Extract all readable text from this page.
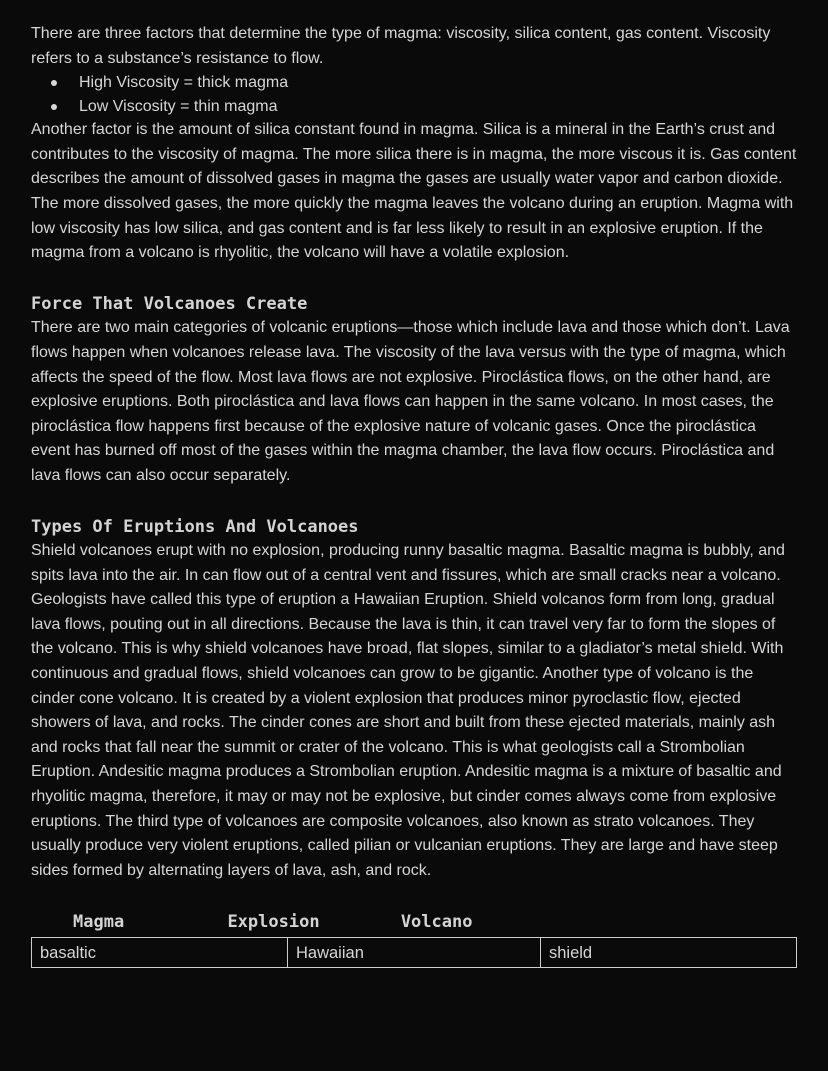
There are three factors that determine the type of magma: viscosity, silica content, gas content. Viscosity refers to a substance’s resistance to flow.

High Viscosity = thick magma
Low Viscosity = thin magma

Another factor is the amount of silica constant found in magma. Silica is a mineral in the Earth’s crust and contributes to the viscosity of magma. The more silica there is in magma, the more viscous it is. Gas content describes the amount of dissolved gases in magma the gases are usually water vapor and carbon dioxide. The more dissolved gases, the more quickly the magma leaves the volcano during an eruption. Magma with low viscosity has low silica, and gas content and is far less likely to result in an explosive eruption. If the magma from a volcano is rhyolitic, the volcano will have a volatile explosion.

Force That Volcanoes Create

There are two main categories of volcanic eruptions—those which include lava and those which don’t. Lava flows happen when volcanoes release lava. The viscosity of the lava versus with the type of magma, which affects the speed of the flow. Most lava flows are not explosive. Piroclástica flows, on the other hand, are explosive eruptions. Both piroclástica and lava flows can happen in the same volcano. In most cases, the piroclástica flow happens first because of the explosive nature of volcanic gases. Once the piroclástica event has burned off most of the gases within the magma chamber, the lava flow occurs. Piroclástica and lava flows can also occur separately.

Types Of Eruptions And Volcanoes

Shield volcanoes erupt with no explosion, producing runny basaltic magma. Basaltic magma is bubbly, and spits lava into the air. In can flow out of a central vent and fissures, which are small cracks near a volcano. Geologists have called this type of eruption a Hawaiian Eruption. Shield volcanos form from long, gradual lava flows, pouting out in all directions. Because the lava is thin, it can travel very far to form the slopes of the volcano. This is why shield volcanoes have broad, flat slopes, similar to a gladiator’s metal shield. With continuous and gradual flows, shield volcanoes can grow to be gigantic. Another type of volcano is the cinder cone volcano. It is created by a violent explosion that produces minor pyroclastic flow, ejected showers of lava, and rocks. The cinder cones are short and built from these ejected materials, mainly ash and rocks that fall near the summit or crater of the volcano. This is what geologists call a Strombolian Eruption. Andesitic magma produces a Strombolian eruption. Andesitic magma is a mixture of basaltic and rhyolitic magma, therefore, it may or may not be explosive, but cinder comes always come from explosive eruptions. The third type of volcanoes are composite volcanoes, also known as strato volcanoes. They usually produce very violent eruptions, called pilian or vulcanian eruptions. They are large and have steep sides formed by alternating layers of lava, ash, and rock.

Magma	Explosion	Volcano
basaltic	Hawaiian	shield
